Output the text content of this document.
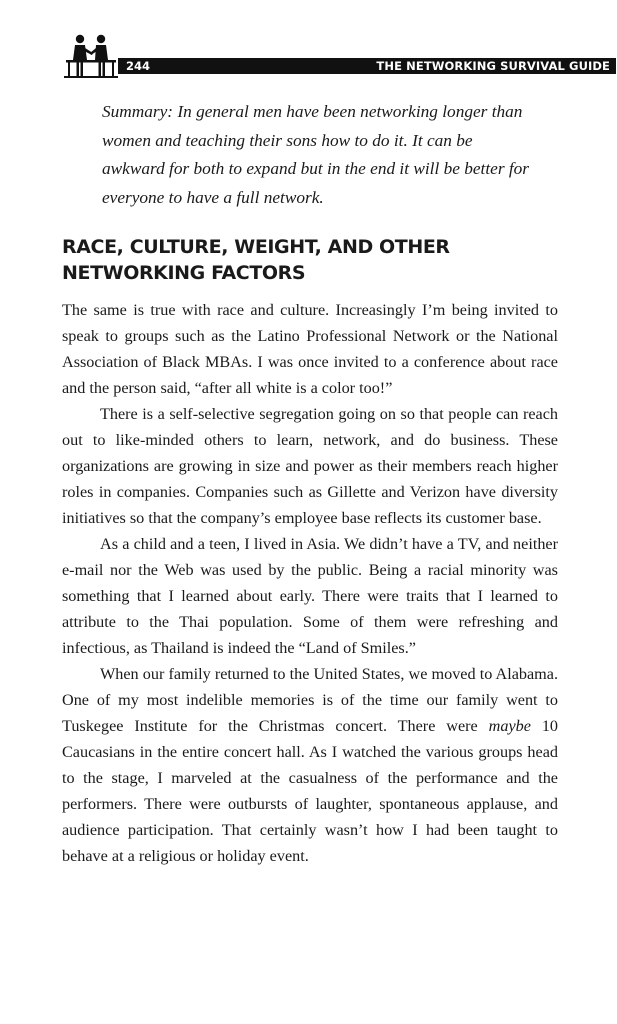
244	THE NETWORKING SURVIVAL GUIDE

Summary: In general men have been networking longer than women and teaching their sons how to do it. It can be awkward for both to expand but in the end it will be better for everyone to have a full network.

RACE, CULTURE, WEIGHT, AND OTHER
NETWORKING FACTORS

The same is true with race and culture. Increasingly I’m being invited to speak to groups such as the Latino Professional Network or the National Association of Black MBAs. I was once invited to a conference about race and the person said, “after all white is a color too!”

There is a self-selective segregation going on so that people can reach out to like-minded others to learn, network, and do business. These organizations are growing in size and power as their members reach higher roles in companies. Companies such as Gillette and Verizon have diversity initiatives so that the company’s employee base reflects its customer base.

As a child and a teen, I lived in Asia. We didn’t have a TV, and neither e-mail nor the Web was used by the public. Being a racial minority was something that I learned about early. There were traits that I learned to attribute to the Thai population. Some of them were refreshing and infectious, as Thailand is indeed the “Land of Smiles.”

When our family returned to the United States, we moved to Alabama. One of my most indelible memories is of the time our family went to Tuskegee Institute for the Christmas concert. There were maybe 10 Caucasians in the entire concert hall. As I watched the various groups head to the stage, I marveled at the casualness of the performance and the performers. There were outbursts of laughter, spontaneous applause, and audience participation. That certainly wasn’t how I had been taught to behave at a religious or holiday event.
